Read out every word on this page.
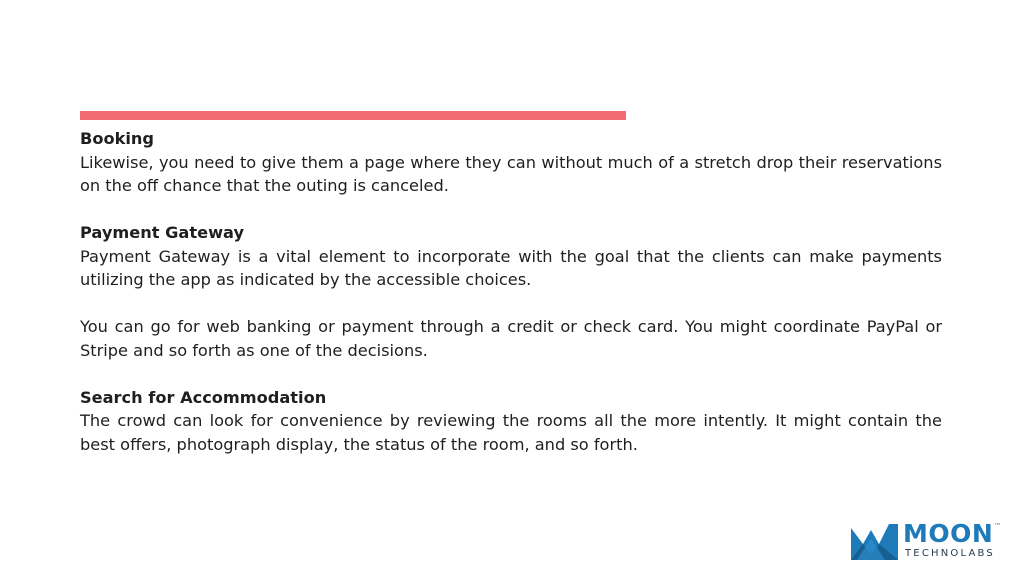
Booking
Likewise, you need to give them a page where they can without much of a stretch drop their reservations on the off chance that the outing is canceled.
Payment Gateway
Payment Gateway is a vital element to incorporate with the goal that the clients can make payments utilizing the app as indicated by the accessible choices.
You can go for web banking or payment through a credit or check card. You might coordinate PayPal or Stripe and so forth as one of the decisions.
Search for Accommodation
The crowd can look for convenience by reviewing the rooms all the more intently. It might contain the best offers, photograph display, the status of the room, and so forth.
MOON ™
TECHNOLABS
